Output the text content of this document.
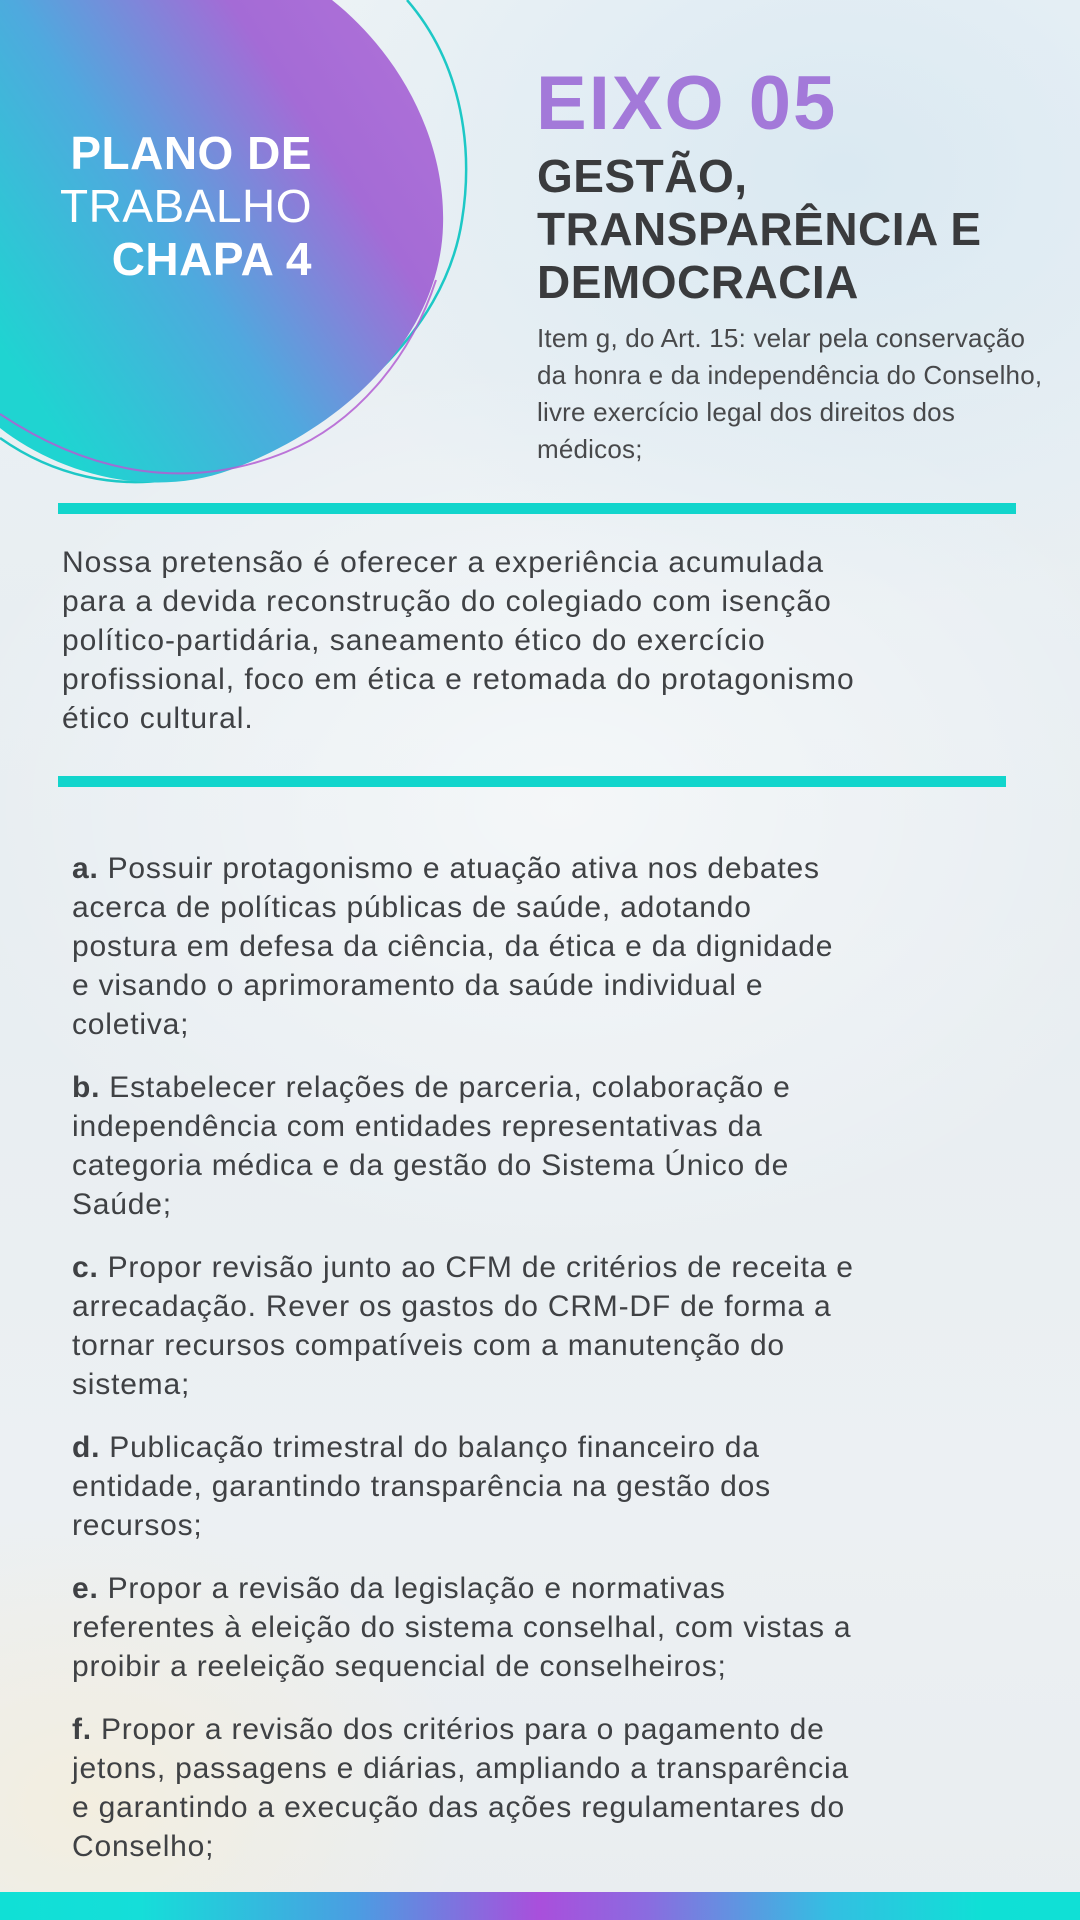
PLANO DE
TRABALHO
CHAPA 4
EIXO 05
GESTÃO,
TRANSPARÊNCIA E
DEMOCRACIA

Item g, do Art. 15: velar pela conservação
da honra e da independência do Conselho,
livre exercício legal dos direitos dos
médicos;

Nossa pretensão é oferecer a experiência acumulada
para a devida reconstrução do colegiado com isenção
político-partidária, saneamento ético do exercício
profissional, foco em ética e retomada do protagonismo
ético cultural.

a. Possuir protagonismo e atuação ativa nos debates
acerca de políticas públicas de saúde, adotando
postura em defesa da ciência, da ética e da dignidade
e visando o aprimoramento da saúde individual e
coletiva;
b. Estabelecer relações de parceria, colaboração e
independência com entidades representativas da
categoria médica e da gestão do Sistema Único de
Saúde;
c. Propor revisão junto ao CFM de critérios de receita e
arrecadação. Rever os gastos do CRM-DF de forma a
tornar recursos compatíveis com a manutenção do
sistema;
d. Publicação trimestral do balanço financeiro da
entidade, garantindo transparência na gestão dos
recursos;
e. Propor a revisão da legislação e normativas
referentes à eleição do sistema conselhal, com vistas a
proibir a reeleição sequencial de conselheiros;
f. Propor a revisão dos critérios para o pagamento de
jetons, passagens e diárias, ampliando a transparência
e garantindo a execução das ações regulamentares do
Conselho;
